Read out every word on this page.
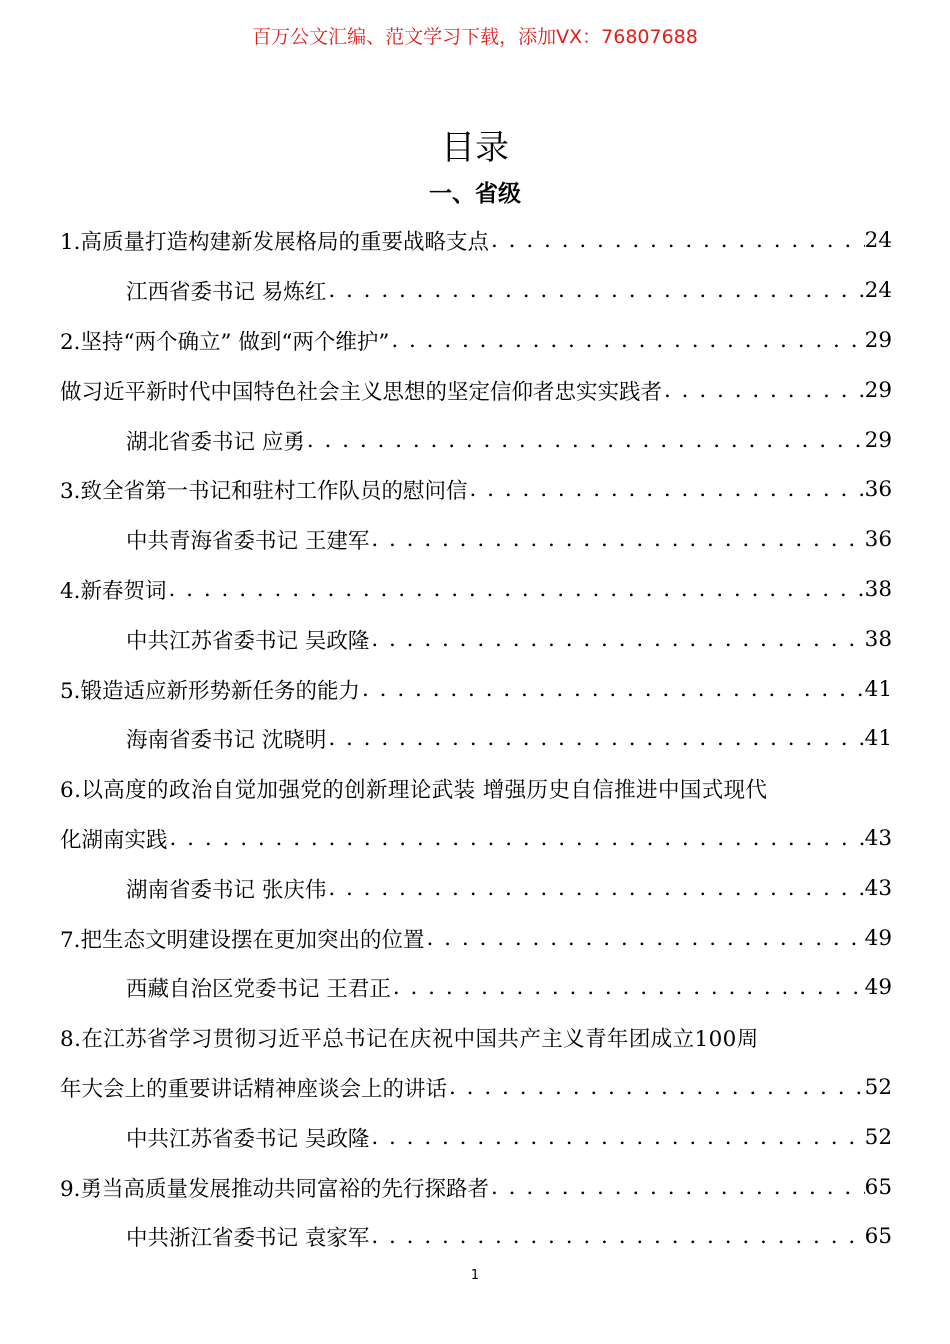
百万公文汇编、范文学习下载，添加VX：76807688
目录
一、省级
1.高质量打造构建新发展格局的重要战略支点 . . .	24
江西省委书记 易炼红 . . .	24
2.坚持“两个确立” 做到“两个维护” . . .	29
做习近平新时代中国特色社会主义思想的坚定信仰者忠实实践者 . . .	29
湖北省委书记 应勇 . . .	29
3.致全省第一书记和驻村工作队员的慰问信 . . .	36
中共青海省委书记 王建军 . . .	36
4.新春贺词 . . .	38
中共江苏省委书记 吴政隆 . . .	38
5.锻造适应新形势新任务的能力 . . .	41
海南省委书记 沈晓明 . . .	41
6.以高度的政治自觉加强党的创新理论武装 增强历史自信推进中国式现代
化湖南实践 . . .	43
湖南省委书记 张庆伟 . . .	43
7.把生态文明建设摆在更加突出的位置 . . .	49
西藏自治区党委书记 王君正 . . .	49
8.在江苏省学习贯彻习近平总书记在庆祝中国共产主义青年团成立100周
年大会上的重要讲话精神座谈会上的讲话 . . .	52
中共江苏省委书记 吴政隆 . . .	52
9.勇当高质量发展推动共同富裕的先行探路者 . . .	65
中共浙江省委书记 袁家军 . . .	65
1
